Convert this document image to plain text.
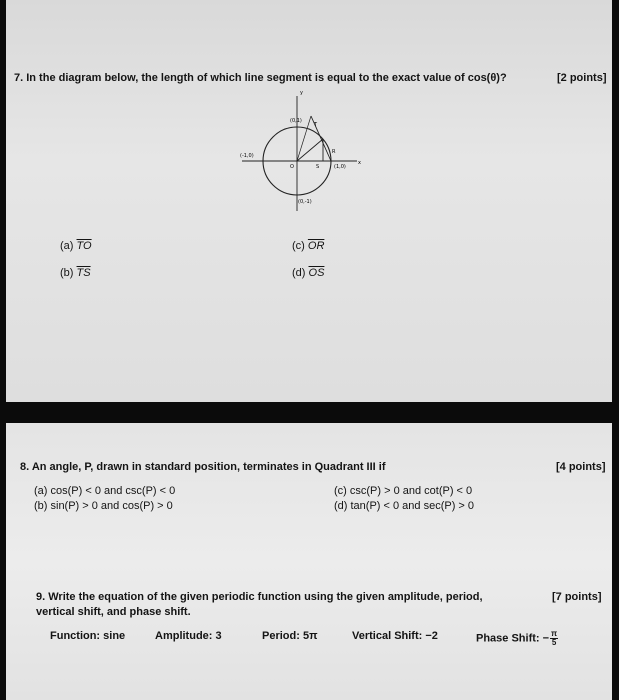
7. In the diagram below, the length of which line segment is equal to the exact value of cos(θ)?	[2 points]
y
x
(0,1)
(-1,0)
(1,0)
(0,-1)
O	S
T
R
(a) $\overline{TO}$	(c) $\overline{OR}$
(b) $\overline{TS}$	(d) $\overline{OS}$
8. An angle, P, drawn in standard position, terminates in Quadrant III if	[4 points]
(a) cos(P) < 0 and csc(P) < 0	(c) csc(P) > 0 and cot(P) < 0
(b) sin(P) > 0 and cos(P) > 0	(d) tan(P) < 0 and sec(P) > 0
9. Write the equation of the given periodic function using the given amplitude, period,
vertical shift, and phase shift.
[7 points]
Function: sine	Amplitude: 3	Period: 5π	Vertical Shift: −2	Phase Shift: − $\frac{\pi}{5}$
